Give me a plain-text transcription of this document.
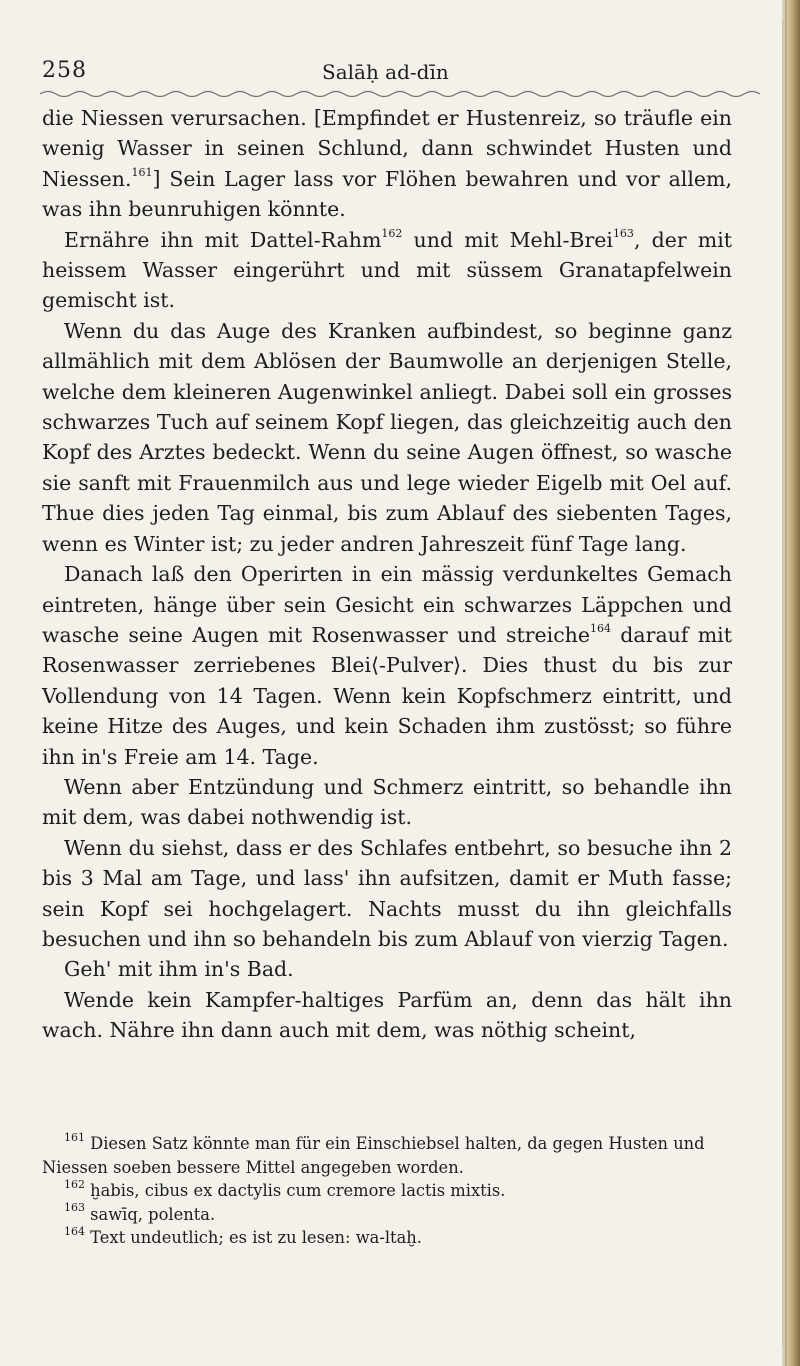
258	Salāḥ ad-dīn

die Niessen verursachen. [Empfindet er Hustenreiz, so träufle ein wenig Wasser in seinen Schlund, dann schwindet Husten und Niessen.$^{161}$] Sein Lager lass vor Flöhen bewahren und vor allem, was ihn beunruhigen könnte.

Ernähre ihn mit Dattel-Rahm$^{162}$ und mit Mehl-Brei$^{163}$, der mit heissem Wasser eingerührt und mit süssem Granatapfelwein gemischt ist.

Wenn du das Auge des Kranken aufbindest, so beginne ganz allmählich mit dem Ablösen der Baumwolle an derjenigen Stelle, welche dem kleineren Augenwinkel anliegt. Dabei soll ein grosses schwarzes Tuch auf seinem Kopf liegen, das gleichzeitig auch den Kopf des Arztes bedeckt. Wenn du seine Augen öffnest, so wasche sie sanft mit Frauenmilch aus und lege wieder Eigelb mit Oel auf. Thue dies jeden Tag einmal, bis zum Ablauf des siebenten Tages, wenn es Winter ist; zu jeder andren Jahreszeit fünf Tage lang.

Danach laß den Operirten in ein mässig verdunkeltes Gemach eintreten, hänge über sein Gesicht ein schwarzes Läppchen und wasche seine Augen mit Rosenwasser und streiche$^{164}$ darauf mit Rosenwasser zerriebenes Blei⟨-Pulver⟩. Dies thust du bis zur Vollendung von 14 Tagen. Wenn kein Kopfschmerz eintritt, und keine Hitze des Auges, und kein Schaden ihm zustösst; so führe ihn in's Freie am 14. Tage.

Wenn aber Entzündung und Schmerz eintritt, so behandle ihn mit dem, was dabei nothwendig ist.

Wenn du siehst, dass er des Schlafes entbehrt, so besuche ihn 2 bis 3 Mal am Tage, und lass' ihn aufsitzen, damit er Muth fasse; sein Kopf sei hochgelagert. Nachts musst du ihn gleichfalls besuchen und ihn so behandeln bis zum Ablauf von vierzig Tagen.

Geh' mit ihm in's Bad.

Wende kein Kampfer-haltiges Parfüm an, denn das hält ihn wach. Nähre ihn dann auch mit dem, was nöthig scheint,

$^{161}$ Diesen Satz könnte man für ein Einschiebsel halten, da gegen Husten und Niessen soeben bessere Mittel angegeben worden.

$^{162}$ ḫabis, cibus ex dactylis cum cremore lactis mixtis.

$^{163}$ sawīq, polenta.

$^{164}$ Text undeutlich; es ist zu lesen: wa-ltaḫ.
